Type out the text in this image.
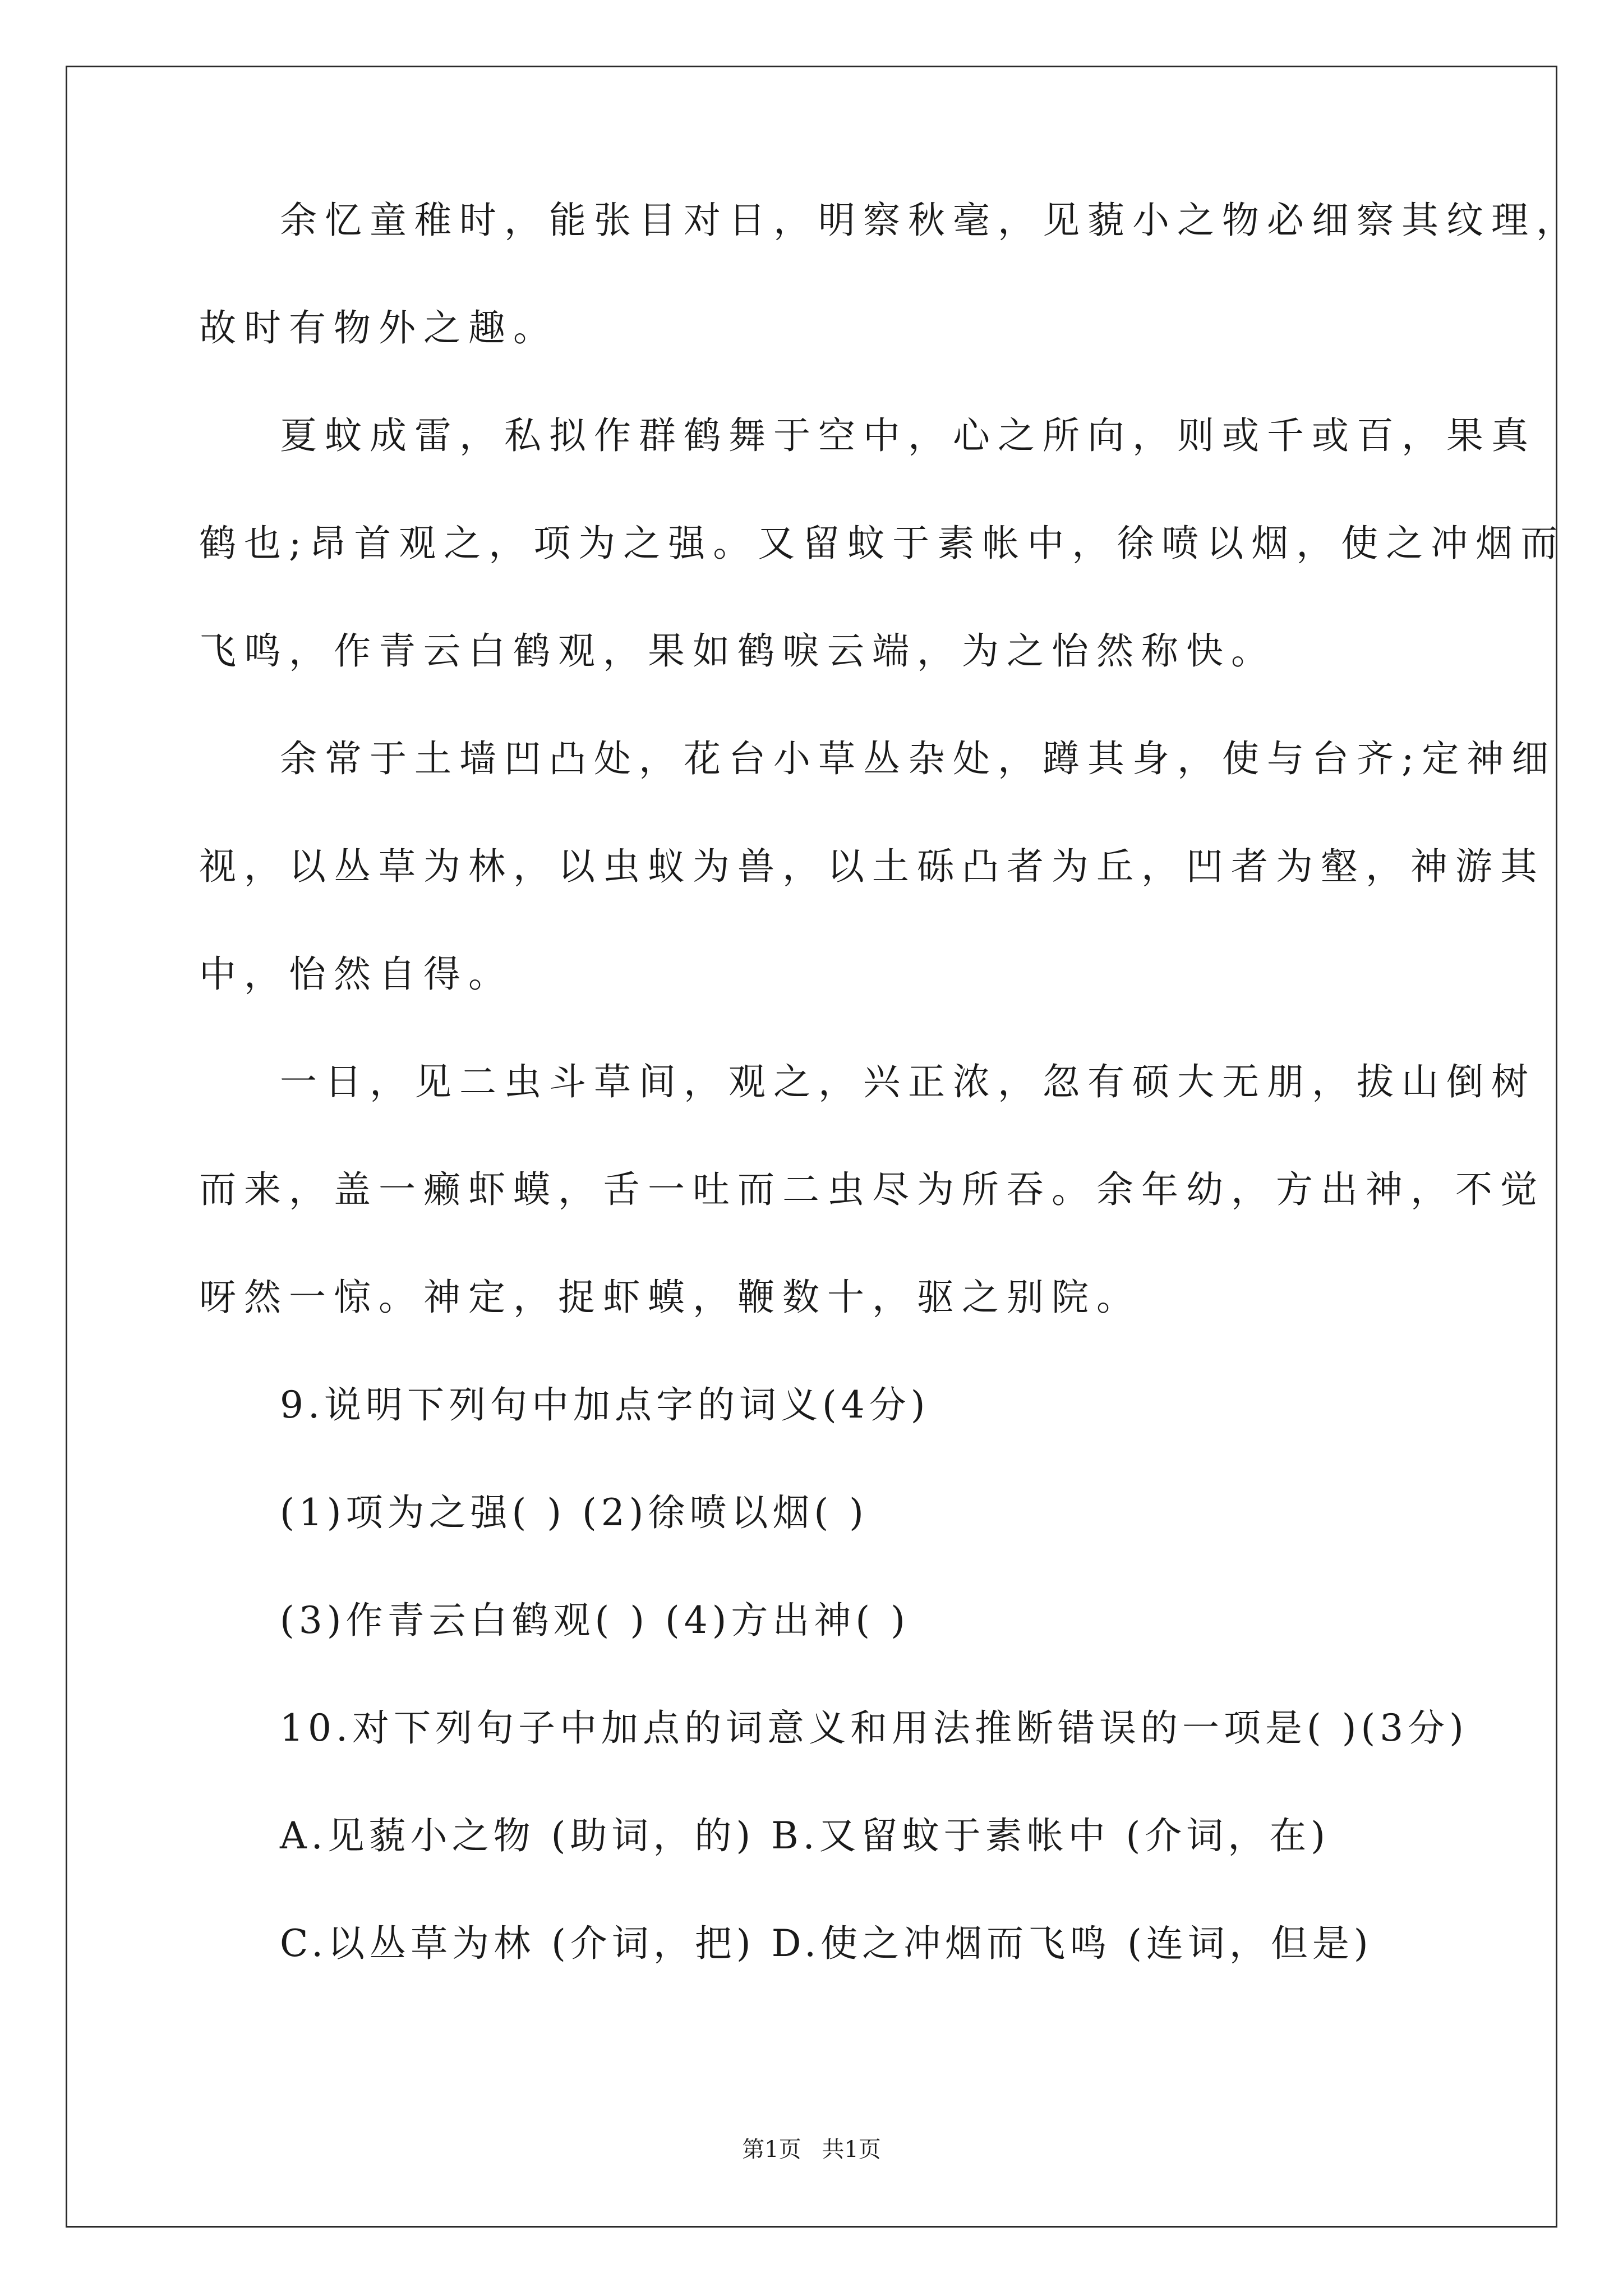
余忆童稚时，能张目对日，明察秋毫，见藐小之物必细察其纹理，
故时有物外之趣。
夏蚊成雷，私拟作群鹤舞于空中，心之所向，则或千或百，果真
鹤也;昂首观之，项为之强。又留蚊于素帐中，徐喷以烟，使之冲烟而
飞鸣，作青云白鹤观，果如鹤唳云端，为之怡然称快。
余常于土墙凹凸处，花台小草丛杂处，蹲其身，使与台齐;定神细
视，以丛草为林，以虫蚁为兽，以土砾凸者为丘，凹者为壑，神游其
中，怡然自得。
一日，见二虫斗草间，观之，兴正浓，忽有硕大无朋，拔山倒树
而来，盖一癞虾蟆，舌一吐而二虫尽为所吞。余年幼，方出神，不觉
呀然一惊。神定，捉虾蟆，鞭数十，驱之别院。
9.说明下列句中加点字的词义(4分)
(1)项为之强( ) (2)徐喷以烟( )
(3)作青云白鹤观( ) (4)方出神( )
10.对下列句子中加点的词意义和用法推断错误的一项是( )(3分)
A.见藐小之物 (助词，的) B.又留蚊于素帐中 (介词，在)
C.以丛草为林 (介词，把) D.使之冲烟而飞鸣 (连词，但是)
第1页 共1页
